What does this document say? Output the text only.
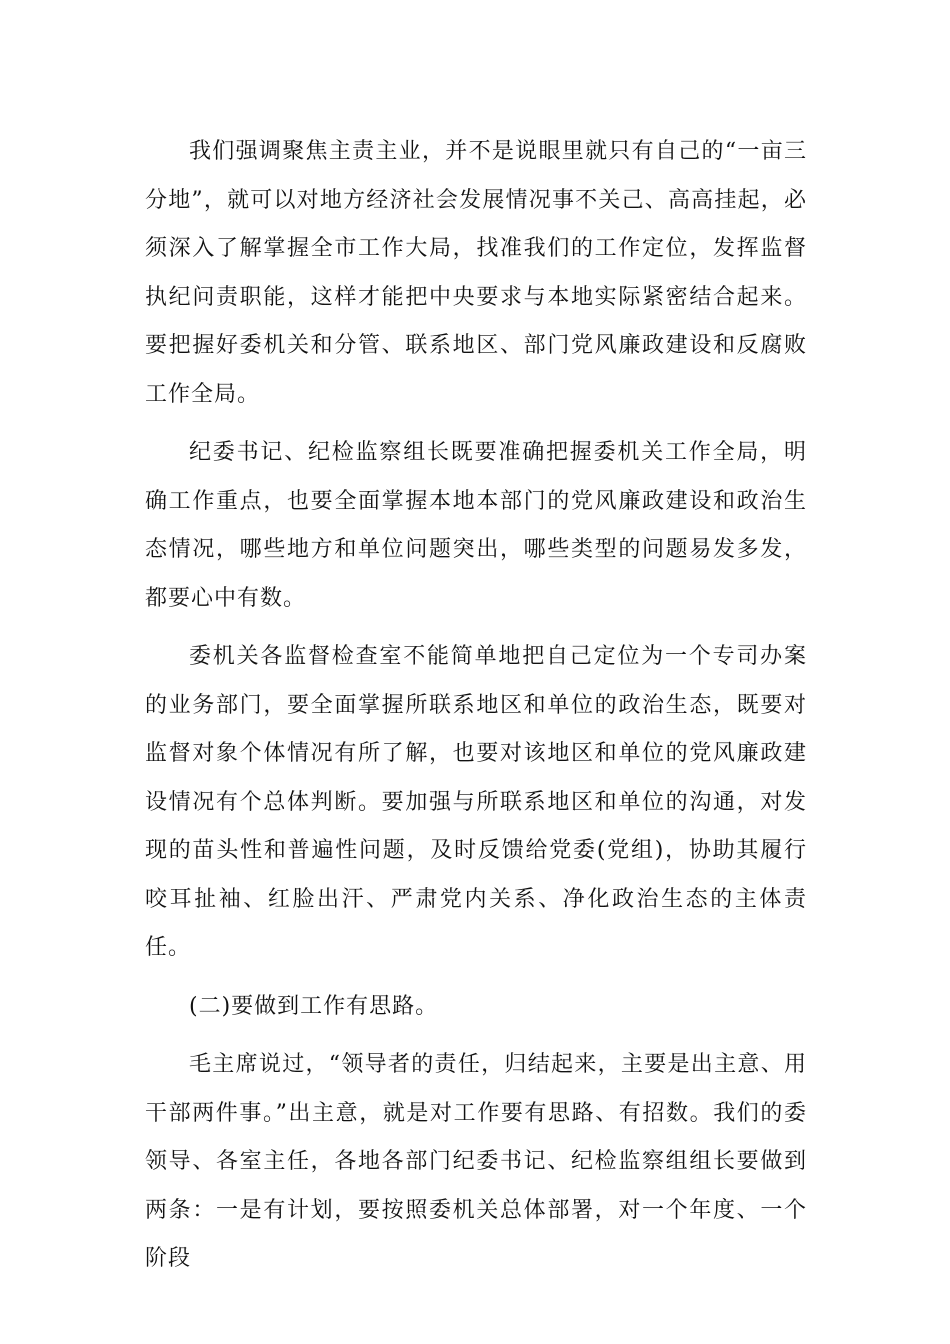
我们强调聚焦主责主业，并不是说眼里就只有自己的“一亩三分地”，就可以对地方经济社会发展情况事不关己、高高挂起，必须深入了解掌握全市工作大局，找准我们的工作定位，发挥监督执纪问责职能，这样才能把中央要求与本地实际紧密结合起来。要把握好委机关和分管、联系地区、部门党风廉政建设和反腐败工作全局。

纪委书记、纪检监察组长既要准确把握委机关工作全局，明确工作重点，也要全面掌握本地本部门的党风廉政建设和政治生态情况，哪些地方和单位问题突出，哪些类型的问题易发多发，都要心中有数。

委机关各监督检查室不能简单地把自己定位为一个专司办案的业务部门，要全面掌握所联系地区和单位的政治生态，既要对监督对象个体情况有所了解，也要对该地区和单位的党风廉政建设情况有个总体判断。要加强与所联系地区和单位的沟通，对发现的苗头性和普遍性问题，及时反馈给党委(党组)，协助其履行咬耳扯袖、红脸出汗、严肃党内关系、净化政治生态的主体责任。

(二)要做到工作有思路。

毛主席说过，“领导者的责任，归结起来，主要是出主意、用干部两件事。”出主意，就是对工作要有思路、有招数。我们的委领导、各室主任，各地各部门纪委书记、纪检监察组组长要做到两条：一是有计划，要按照委机关总体部署，对一个年度、一个阶段
